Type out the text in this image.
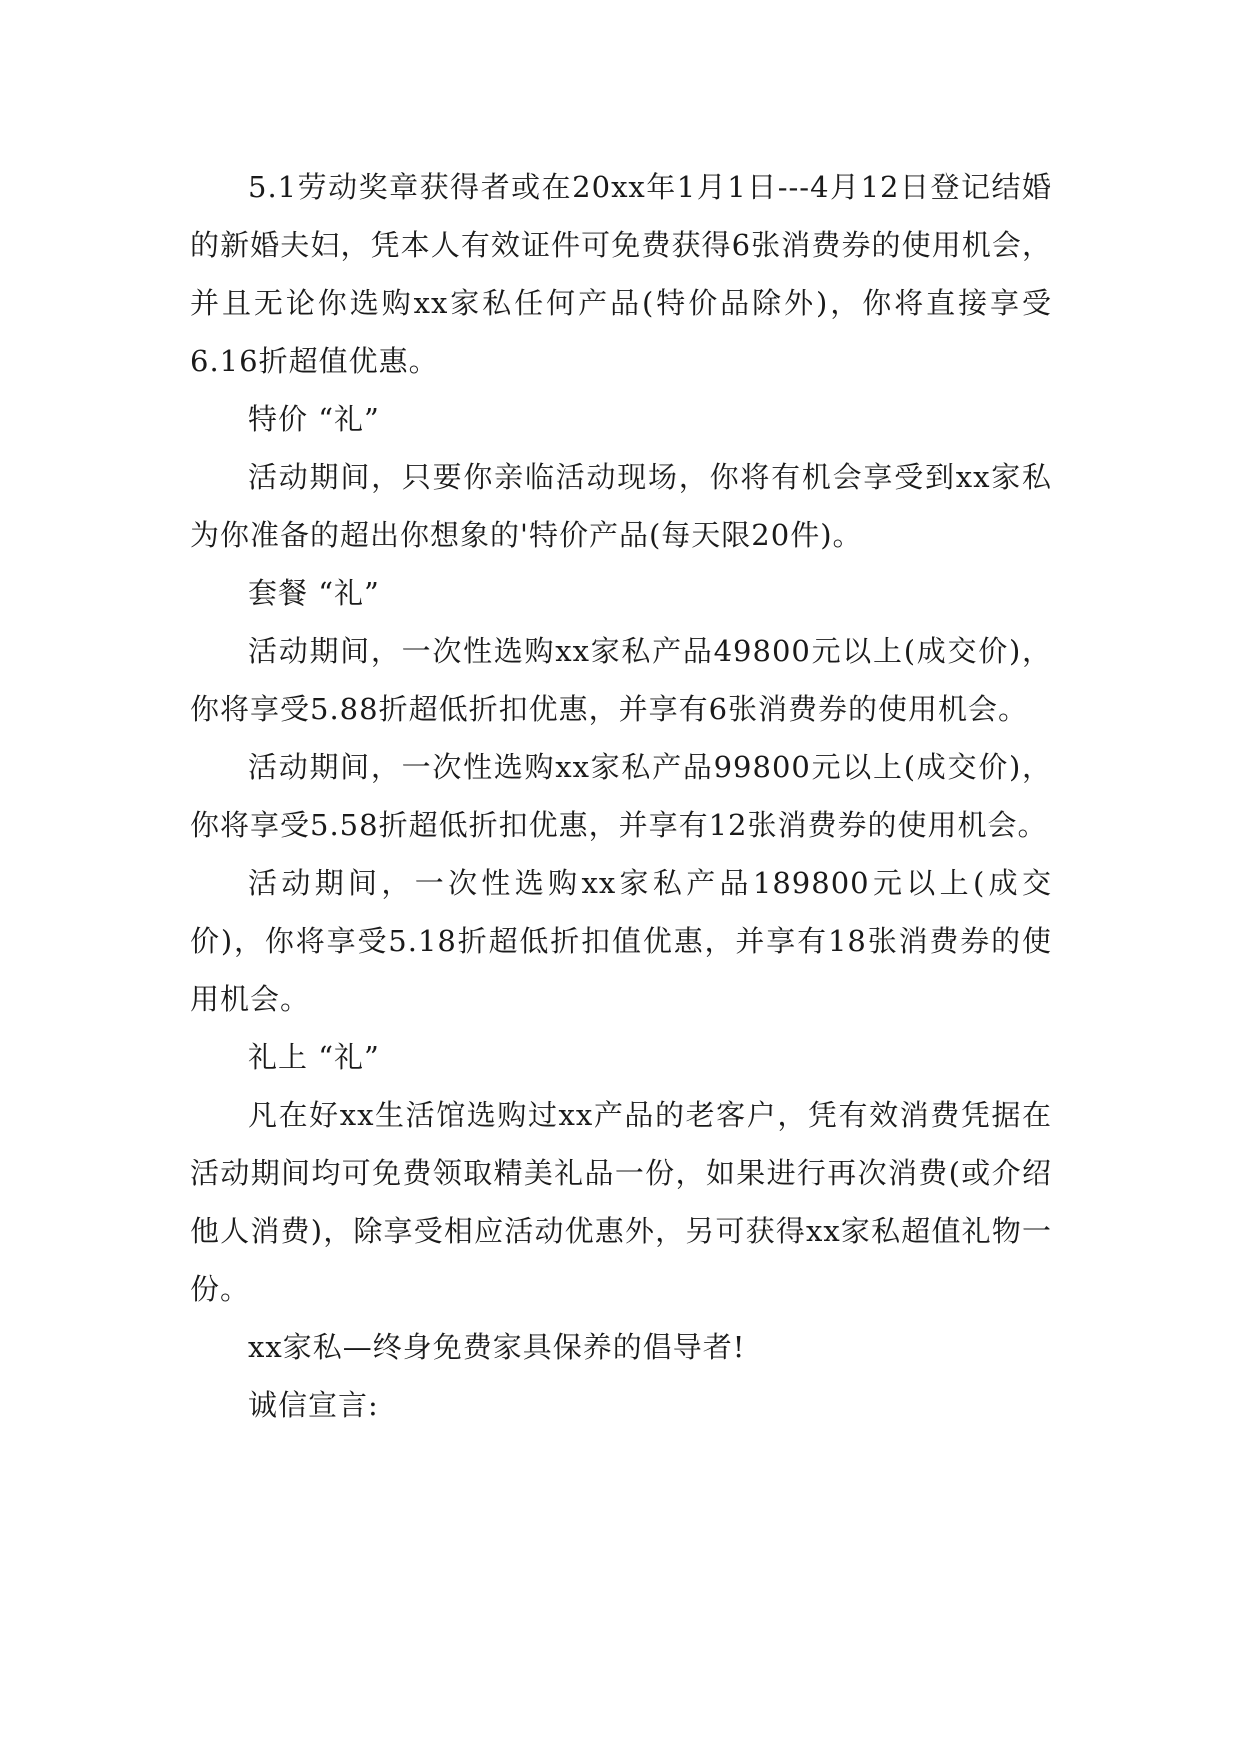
5.1劳动奖章获得者或在20xx年1月1日---4月12日登记结婚的新婚夫妇，凭本人有效证件可免费获得6张消费券的使用机会，并且无论你选购xx家私任何产品(特价品除外)，你将直接享受6.16折超值优惠。

特价 “礼”

活动期间，只要你亲临活动现场，你将有机会享受到xx家私为你准备的超出你想象的'特价产品(每天限20件)。

套餐 “礼”

活动期间，一次性选购xx家私产品49800元以上(成交价)，你将享受5.88折超低折扣优惠，并享有6张消费券的使用机会。

活动期间，一次性选购xx家私产品99800元以上(成交价)，你将享受5.58折超低折扣优惠，并享有12张消费券的使用机会。

活动期间，一次性选购xx家私产品189800元以上(成交价)，你将享受5.18折超低折扣值优惠，并享有18张消费券的使用机会。

礼上 “礼”

凡在好xx生活馆选购过xx产品的老客户，凭有效消费凭据在活动期间均可免费领取精美礼品一份，如果进行再次消费(或介绍他人消费)，除享受相应活动优惠外，另可获得xx家私超值礼物一份。

xx家私—终身免费家具保养的倡导者!

诚信宣言:
